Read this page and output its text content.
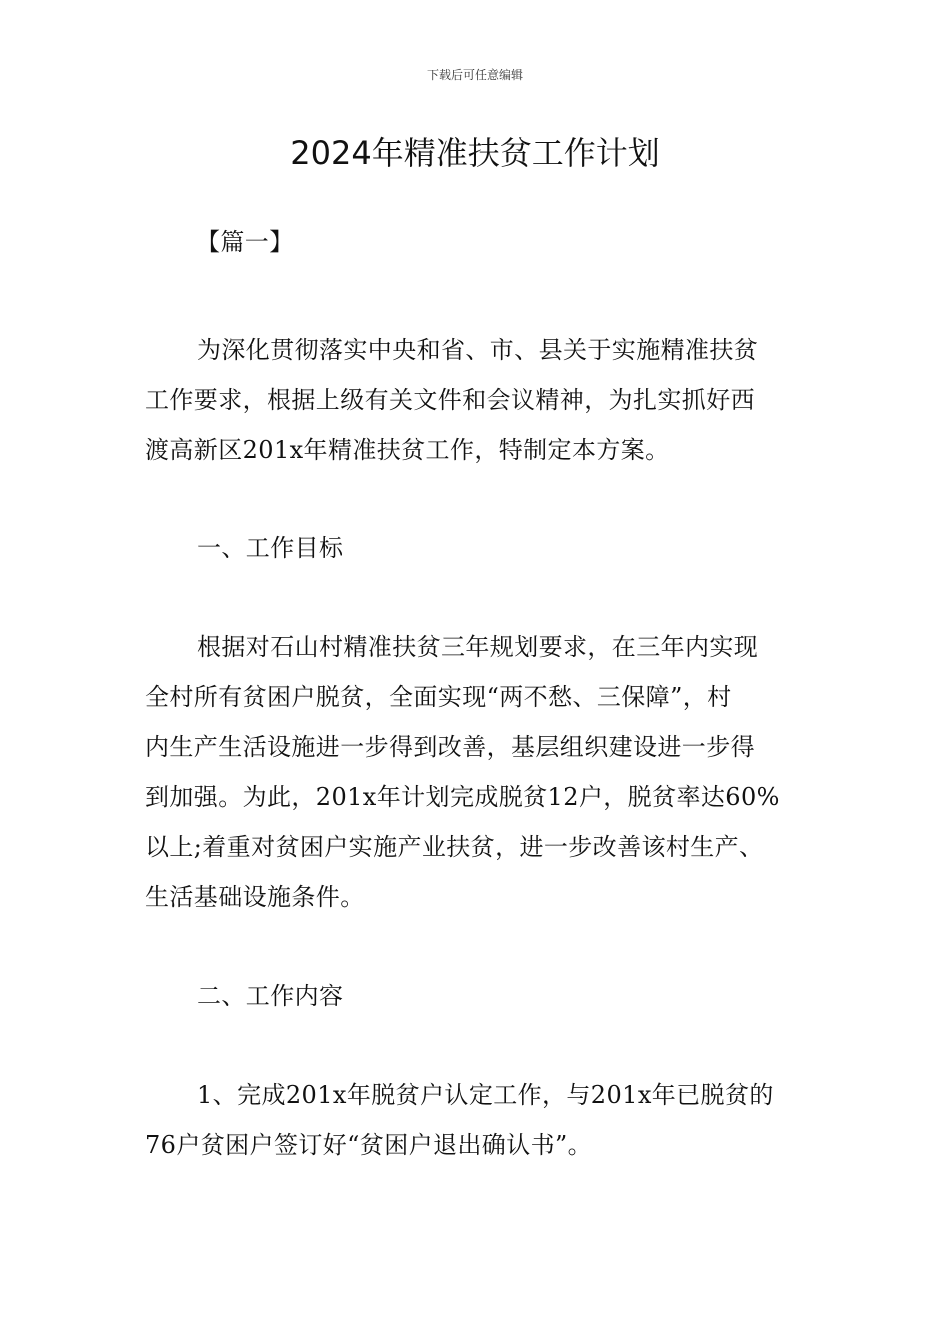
下载后可任意编辑
2024年精准扶贫工作计划
【篇一】
为深化贯彻落实中央和省、市、县关于实施精准扶贫
工作要求，根据上级有关文件和会议精神，为扎实抓好西
渡高新区201x年精准扶贫工作，特制定本方案。
一、工作目标
根据对石山村精准扶贫三年规划要求，在三年内实现
全村所有贫困户脱贫，全面实现“两不愁、三保障”，村
内生产生活设施进一步得到改善，基层组织建设进一步得
到加强。为此，201x年计划完成脱贫12户，脱贫率达60%
以上;着重对贫困户实施产业扶贫，进一步改善该村生产、
生活基础设施条件。
二、工作内容
1、完成201x年脱贫户认定工作，与201x年已脱贫的
76户贫困户签订好“贫困户退出确认书”。
